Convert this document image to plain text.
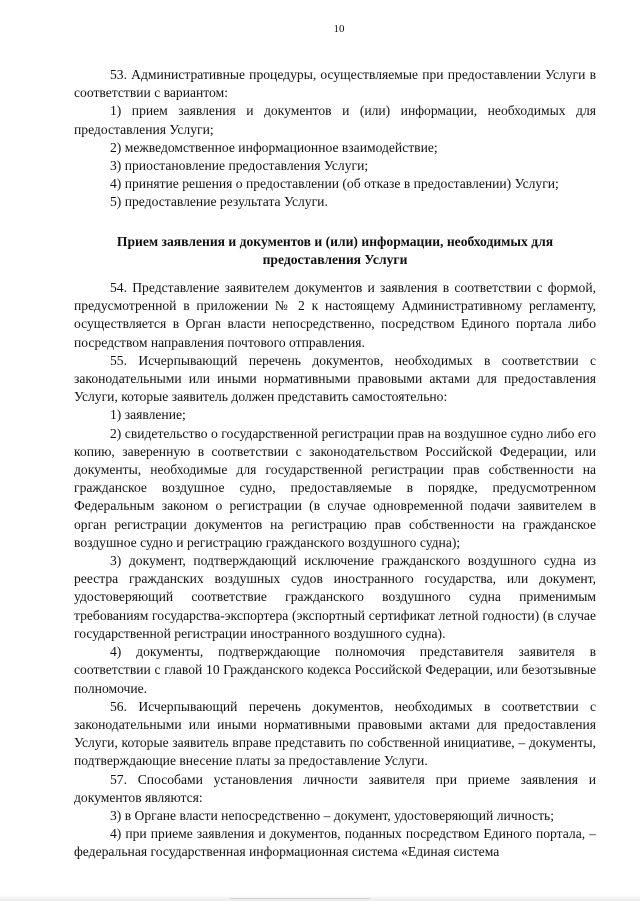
10

53. Административные процедуры, осуществляемые при предоставлении Услуги в соответствии с вариантом:

1) прием заявления и документов и (или) информации, необходимых для предоставления Услуги;

2) межведомственное информационное взаимодействие;

3) приостановление предоставления Услуги;

4) принятие решения о предоставлении (об отказе в предоставлении) Услуги;

5) предоставление результата Услуги.

Прием заявления и документов и (или) информации, необходимых для предоставления Услуги

54. Представление заявителем документов и заявления в соответствии с формой, предусмотренной в приложении № 2 к настоящему Административному регламенту, осуществляется в Орган власти непосредственно, посредством Единого портала либо посредством направления почтового отправления.

55. Исчерпывающий перечень документов, необходимых в соответствии с законодательными или иными нормативными правовыми актами для предоставления Услуги, которые заявитель должен представить самостоятельно:

1) заявление;

2) свидетельство о государственной регистрации прав на воздушное судно либо его копию, заверенную в соответствии с законодательством Российской Федерации, или документы, необходимые для государственной регистрации прав собственности на гражданское воздушное судно, предоставляемые в порядке, предусмотренном Федеральным законом о регистрации (в случае одновременной подачи заявителем в орган регистрации документов на регистрацию прав собственности на гражданское воздушное судно и регистрацию гражданского воздушного судна);

3) документ, подтверждающий исключение гражданского воздушного судна из реестра гражданских воздушных судов иностранного государства, или документ, удостоверяющий соответствие гражданского воздушного судна применимым требованиям государства-экспортера (экспортный сертификат летной годности) (в случае государственной регистрации иностранного воздушного судна).

4) документы, подтверждающие полномочия представителя заявителя в соответствии с главой 10 Гражданского кодекса Российской Федерации, или безотзывные полномочие.

56. Исчерпывающий перечень документов, необходимых в соответствии с законодательными или иными нормативными правовыми актами для предоставления Услуги, которые заявитель вправе представить по собственной инициативе, – документы, подтверждающие внесение платы за предоставление Услуги.

57. Способами установления личности заявителя при приеме заявления и документов являются:

3) в Органе власти непосредственно – документ, удостоверяющий личность;

4) при приеме заявления и документов, поданных посредством Единого портала, – федеральная государственная информационная система «Единая система
